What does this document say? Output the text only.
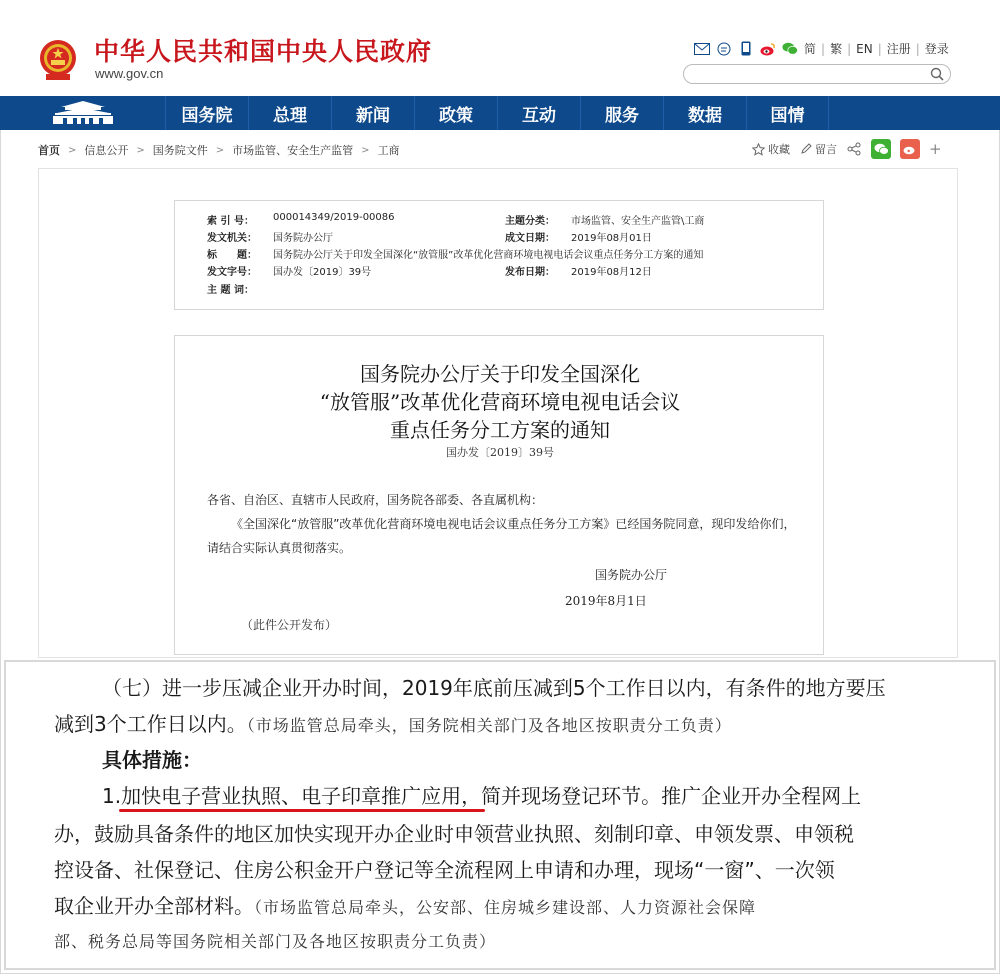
中华人民共和国中央人民政府
www.gov.cn
简 | 繁 | EN | 注册 | 登录
国务院	总理	新闻	政策	互动	服务	数据	国情
首页 > 信息公开 > 国务院文件 > 市场监管、安全生产监管 > 工商	收藏 留言	+
索 引 号： 000014349/2019-00086	主题分类： 市场监管、安全生产监管\工商
发文机关： 国务院办公厅	成文日期： 2019年08月01日
标　　题： 国务院办公厅关于印发全国深化“放管服”改革优化营商环境电视电话会议重点任务分工方案的通知
发文字号： 国办发〔2019〕39号	发布日期： 2019年08月12日
主 题 词：
国务院办公厅关于印发全国深化
“放管服”改革优化营商环境电视电话会议
重点任务分工方案的通知
国办发〔2019〕39号
各省、自治区、直辖市人民政府，国务院各部委、各直属机构：
《全国深化“放管服”改革优化营商环境电视电话会议重点任务分工方案》已经国务院同意，现印发给你们，请结合实际认真贯彻落实。
国务院办公厅
2019年8月1日
（此件公开发布）
（七）进一步压减企业开办时间，2019年底前压减到5个工作日以内，有条件的地方要压
减到3个工作日以内。（市场监管总局牵头，国务院相关部门及各地区按职责分工负责）
具体措施：
1.加快电子营业执照、电子印章推广应用，简并现场登记环节。推广企业开办全程网上
办，鼓励具备条件的地区加快实现开办企业时申领营业执照、刻制印章、申领发票、申领税
控设备、社保登记、住房公积金开户登记等全流程网上申请和办理，现场“一窗”、一次领
取企业开办全部材料。（市场监管总局牵头，公安部、住房城乡建设部、人力资源社会保障
部、税务总局等国务院相关部门及各地区按职责分工负责）
